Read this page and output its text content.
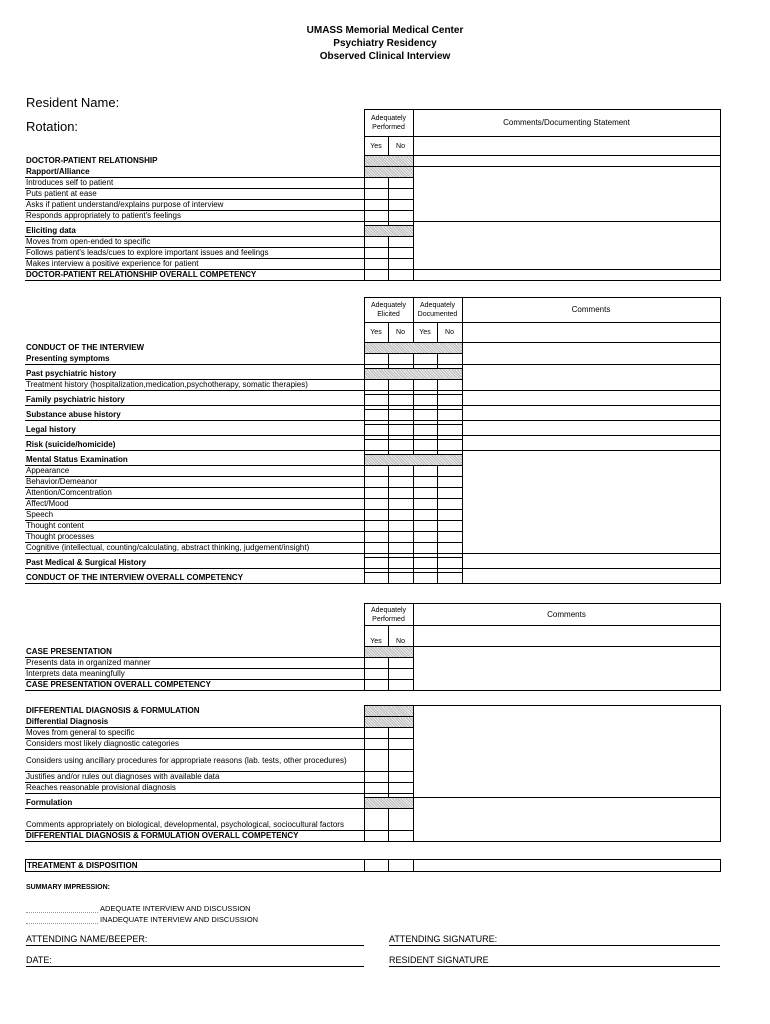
UMASS Memorial Medical Center
Psychiatry Residency
Observed Clinical Interview
Resident Name:
Rotation:
	Adequately Performed		Comments/Documenting Statement
	Yes	No	
DOCTOR-PATIENT RELATIONSHIP			
Rapport/Alliance			
Introduces self to patient			
Puts patient at ease			
Asks if patient understand/explains purpose of interview			
Responds appropriately to patient's feelings			

Eliciting data			
Moves from open-ended to specific			
Follows patient's leads/cues to explore important issues and feelings			
Makes interview a positive experience for patient			
DOCTOR-PATIENT RELATIONSHIP OVERALL COMPETENCY			
	Adequately Elicited		Adequately Documented		Comments
	Yes	No	Yes	No	
CONDUCT OF THE INTERVIEW					
Presenting symptoms					

Past psychiatric history					
Treatment history (hospitalization,medication,psychotherapy, somatic therapies)					

Family psychiatric history					

Substance abuse history					

Legal history					

Risk (suicide/homicide)					

Mental Status Examination					
Appearance					
Behavior/Demeanor					
Attention/Comcentration					
Affect/Mood					
Speech					
Thought content					
Thought processes					
Cognitive (intellectual, counting/calculating, abstract thinking, judgement/insight)					

Past Medical & Surgical History					

CONDUCT OF THE INTERVIEW OVERALL COMPETENCY					
	Adequately Performed		Comments
	Yes	No	
CASE PRESENTATION			
Presents data in organized manner			
Interprets data meaningfully			
CASE PRESENTATION OVERALL COMPETENCY			
DIFFERENTIAL DIAGNOSIS & FORMULATION			
Differential Diagnosis			
Moves from general to specific			
Considers most likely diagnostic categories			
Considers using ancillary procedures for appropriate reasons (lab. tests, other procedures)			
Justifies and/or rules out diagnoses with available data			
Reaches reasonable provisional diagnosis			

Formulation			
Comments appropriately on biological, developmental, psychological, sociocultural factors			
DIFFERENTIAL DIAGNOSIS & FORMULATION OVERALL COMPETENCY			
TREATMENT & DISPOSITION			
SUMMARY IMPRESSION:
ADEQUATE INTERVIEW AND DISCUSSION
INADEQUATE INTERVIEW AND DISCUSSION
ATTENDING NAME/BEEPER:	ATTENDING SIGNATURE:
DATE:	RESIDENT SIGNATURE
